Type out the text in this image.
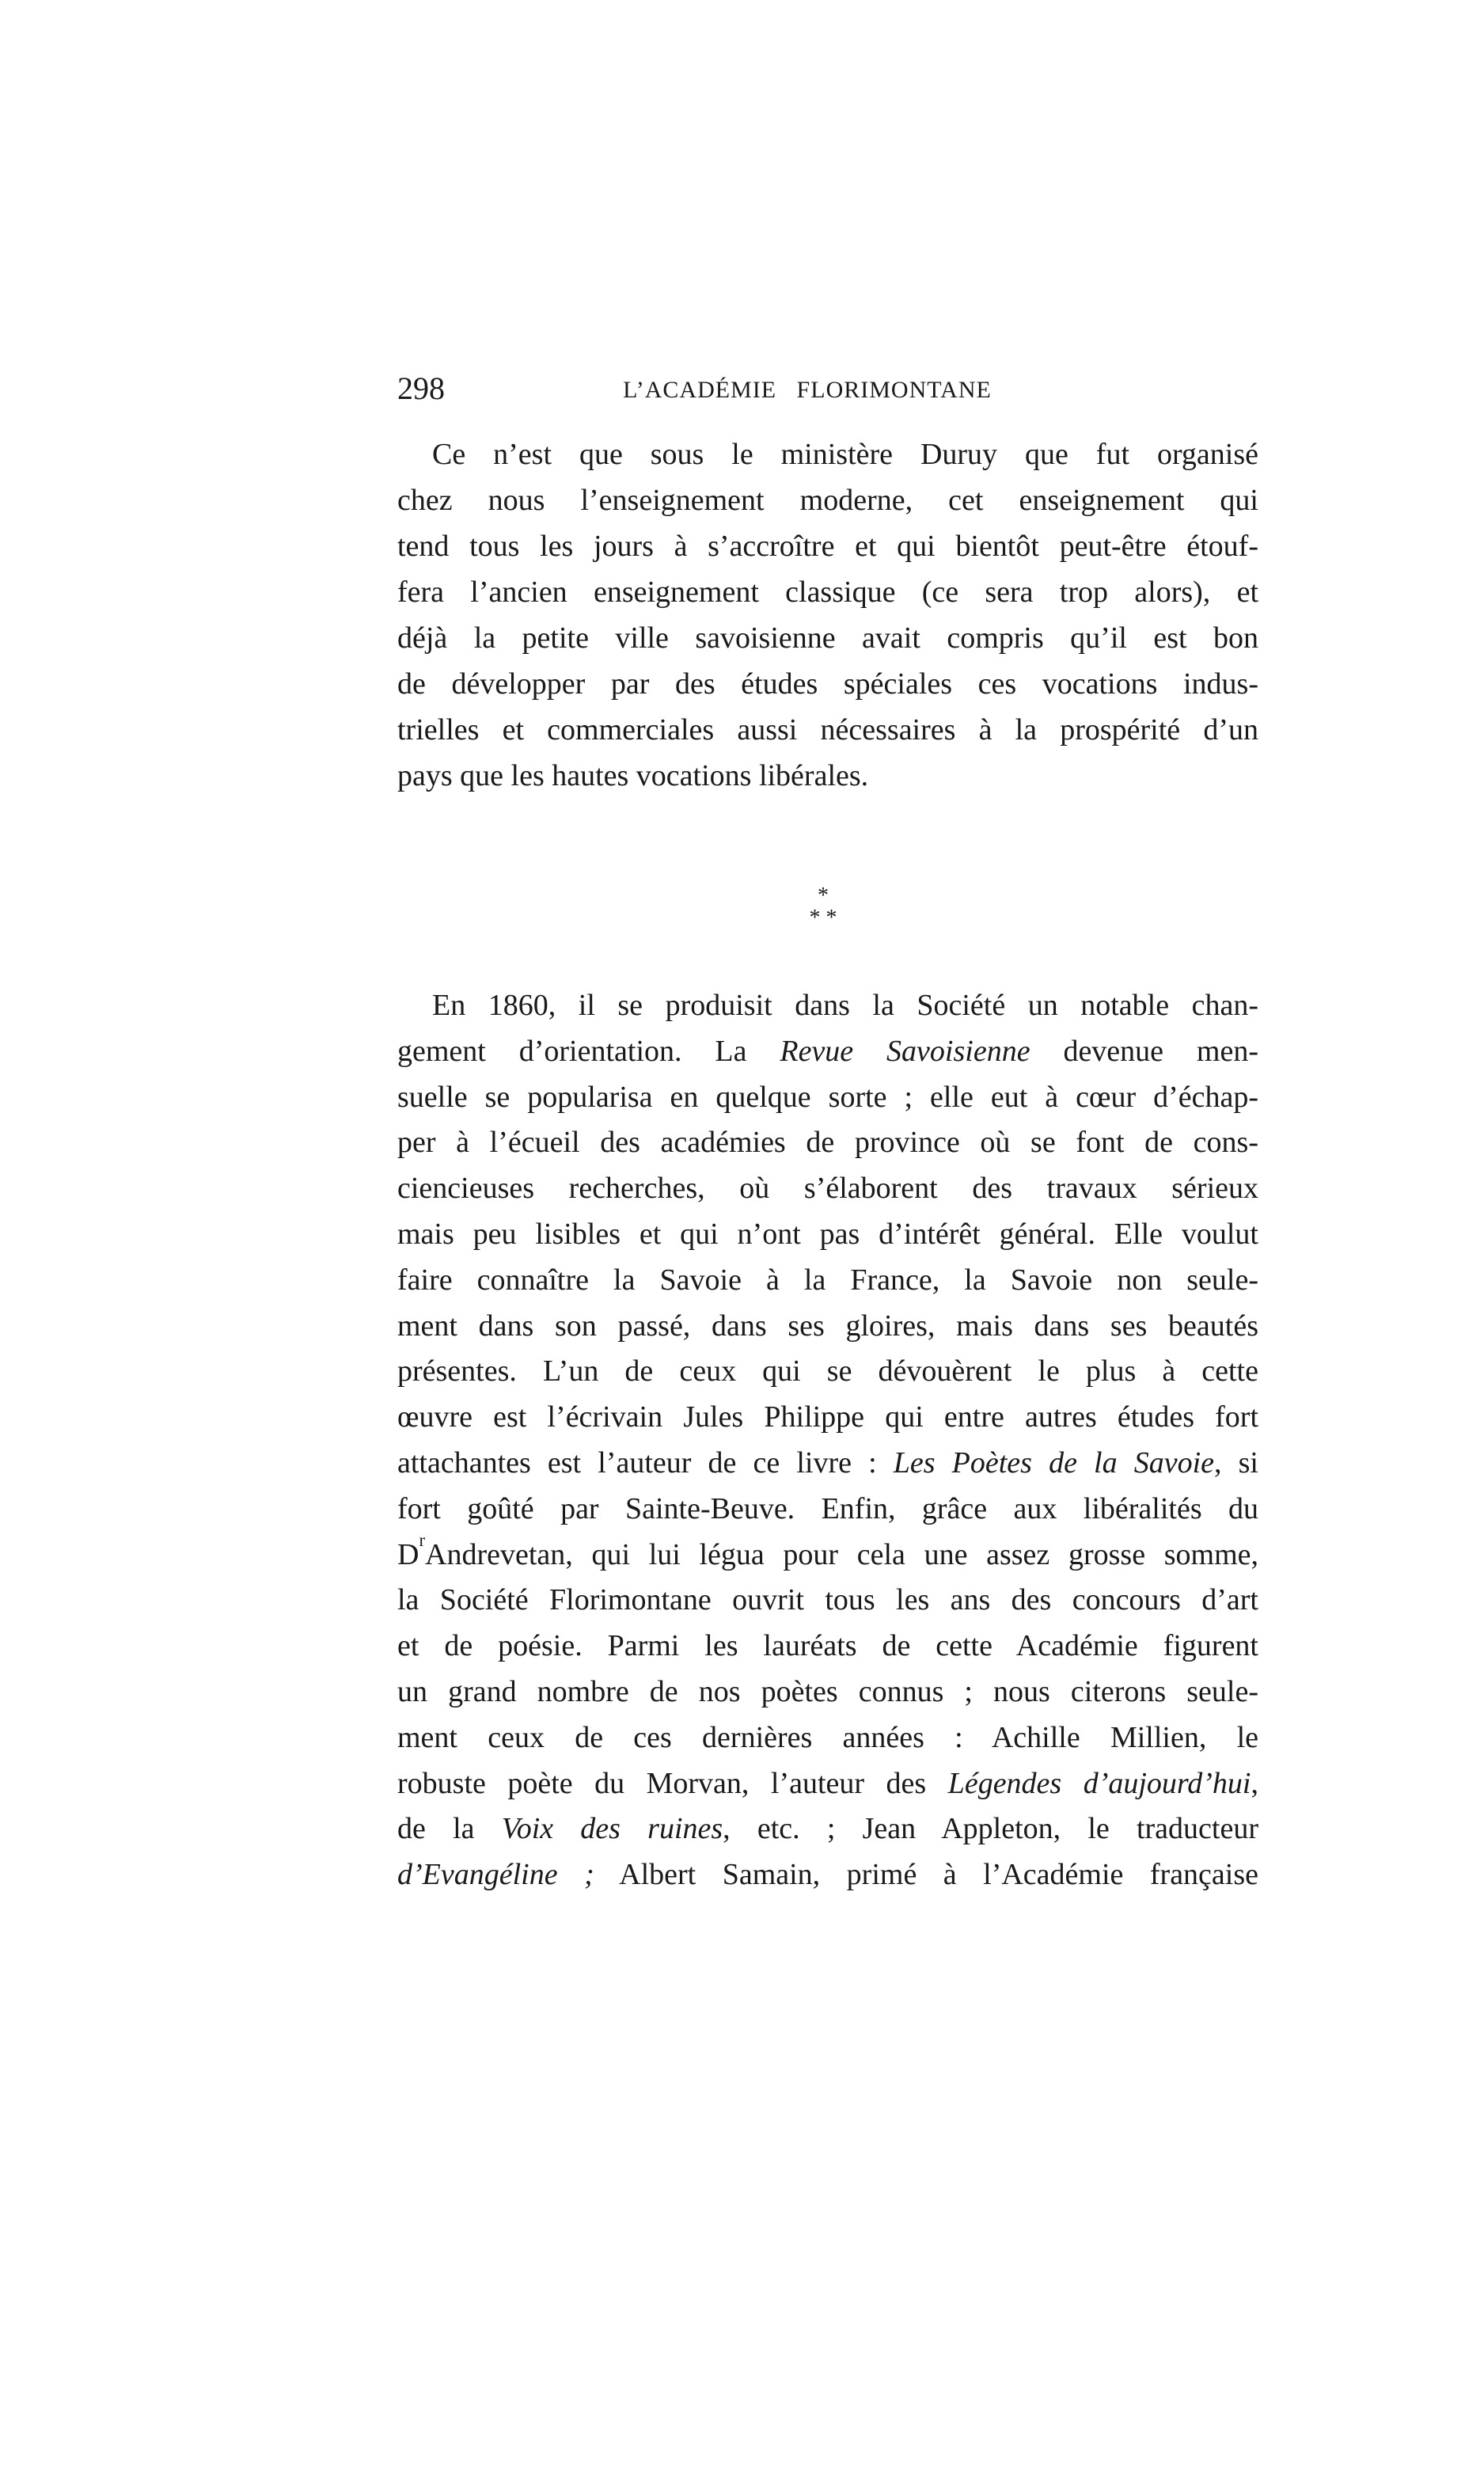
298	L’ACADÉMIE   FLORIMONTANE
Ce n’est que sous le ministère Duruy que fut organisé
chez nous l’enseignement moderne, cet enseignement qui
tend tous les jours à s’accroître et qui bientôt peut-être étouf-
fera l’ancien enseignement classique (ce sera trop alors), et
déjà la petite ville savoisienne avait compris qu’il est bon
de développer par des études spéciales ces vocations indus-
trielles et commerciales aussi nécessaires à la prospérité d’un
pays que les hautes vocations libérales.
*
* *
En 1860, il se produisit dans la Société un notable chan-
gement d’orientation. La Revue Savoisienne devenue men-
suelle se popularisa en quelque sorte ; elle eut à cœur d’échap-
per à l’écueil des académies de province où se font de cons-
ciencieuses recherches, où s’élaborent des travaux sérieux
mais peu lisibles et qui n’ont pas d’intérêt général. Elle voulut
faire connaître la Savoie à la France, la Savoie non seule-
ment dans son passé, dans ses gloires, mais dans ses beautés
présentes. L’un de ceux qui se dévouèrent le plus à cette
œuvre est l’écrivain Jules Philippe qui entre autres études fort
attachantes est l’auteur de ce livre : Les Poètes de la Savoie, si
fort goûté par Sainte-Beuve. Enfin, grâce aux libéralités du
$D^rAndrevetan$, qui lui légua pour cela une assez grosse somme,
la Société Florimontane ouvrit tous les ans des concours d’art
et de poésie. Parmi les lauréats de cette Académie figurent
un grand nombre de nos poètes connus ; nous citerons seule-
ment ceux de ces dernières années : Achille Millien, le
robuste poète du Morvan, l’auteur des Légendes d’aujourd’hui,
de la Voix des ruines, etc. ; Jean Appleton, le traducteur
d’Evangéline ; Albert Samain, primé à l’Académie française
